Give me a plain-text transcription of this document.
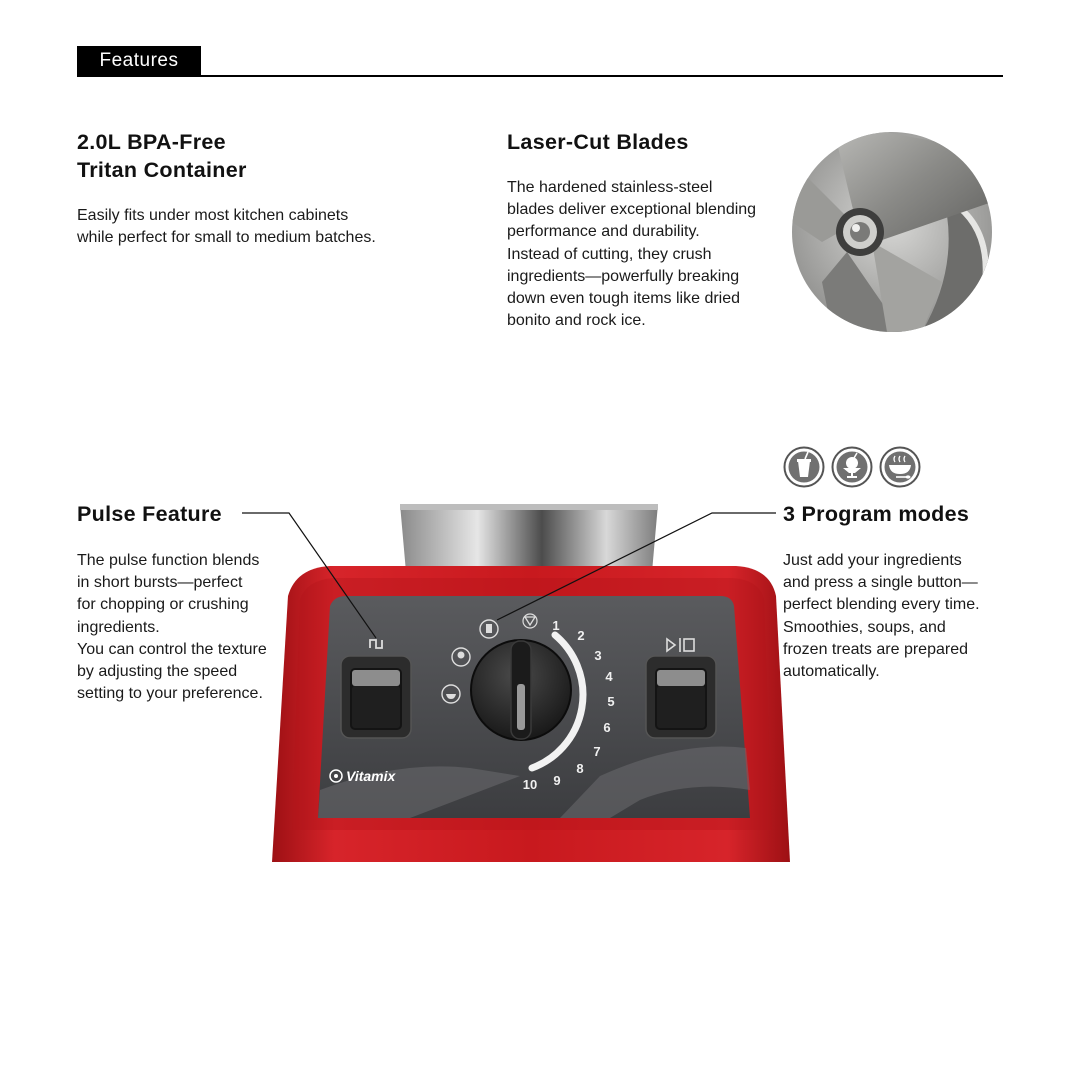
Features
2.0L BPA-Free
Tritan Container
Easily fits under most kitchen cabinets
while perfect for small to medium batches.
Laser-Cut Blades
The hardened stainless-steel
blades deliver exceptional blending
performance and durability.
Instead of cutting, they crush
ingredients—powerfully breaking
down even tough items like dried
bonito and rock ice.
Pulse Feature
The pulse function blends
in short bursts—perfect
for chopping or crushing
ingredients.
You can control the texture
by adjusting the speed
setting to your preference.
3 Program modes
Just add your ingredients
and press a single button—
perfect blending every time.
Smoothies, soups, and
frozen treats are prepared
automatically.
1
2
3
4
5
6
7
8
9
10
Vitamix
